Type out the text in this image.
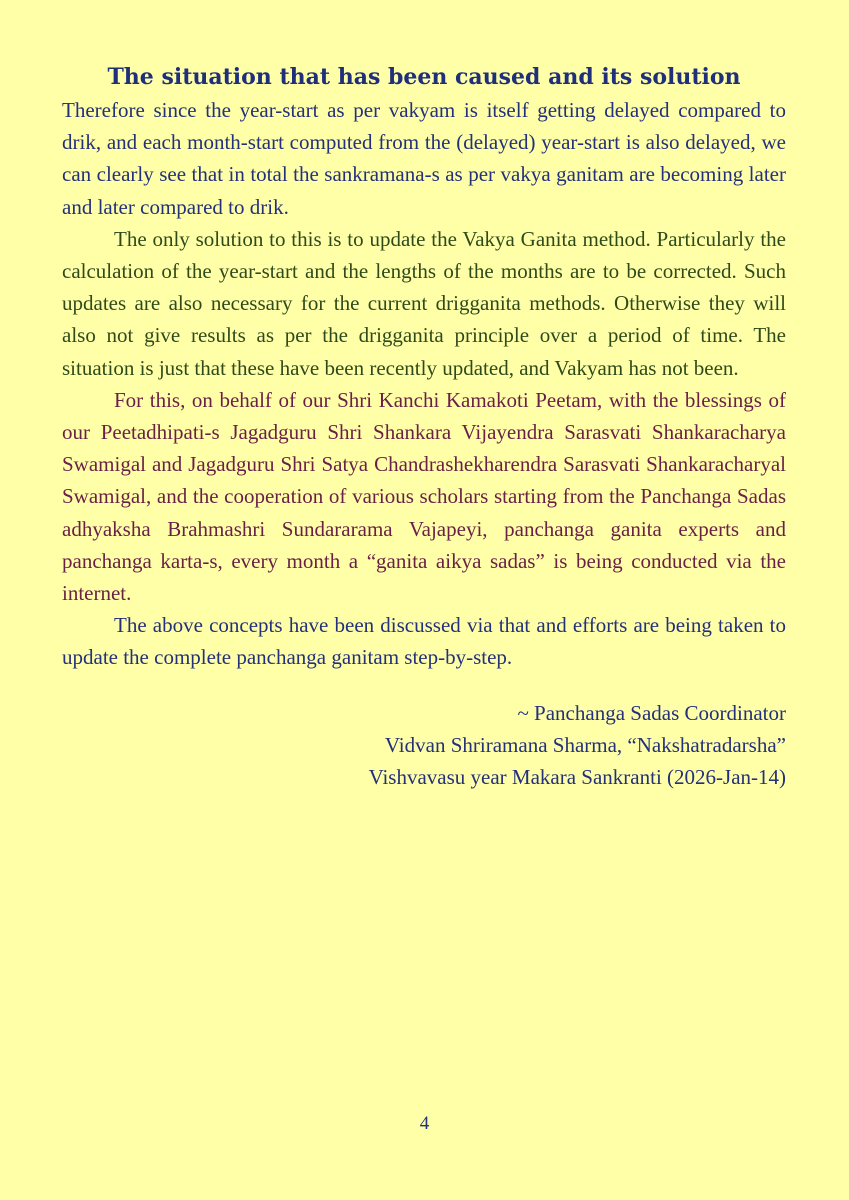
The situation that has been caused and its solution

Therefore since the year-start as per vakyam is itself getting delayed compared to drik, and each month-start computed from the (delayed) year-start is also delayed, we can clearly see that in total the sankramana-s as per vakya ganitam are becoming later and later compared to drik.

The only solution to this is to update the Vakya Ganita method. Particularly the calculation of the year-start and the lengths of the months are to be corrected. Such updates are also necessary for the current drigganita methods. Otherwise they will also not give results as per the drigganita principle over a period of time. The situation is just that these have been recently updated, and Vakyam has not been.

For this, on behalf of our Shri Kanchi Kamakoti Peetam, with the blessings of our Peetadhipati-s Jagadguru Shri Shankara Vijayendra Sarasvati Shankaracharya Swamigal and Jagadguru Shri Satya Chandrashekharendra Sarasvati Shankaracharyal Swamigal, and the cooperation of various scholars starting from the Panchanga Sadas adhyaksha Brahmashri Sundararama Vajapeyi, panchanga ganita experts and panchanga karta-s, every month a “ganita aikya sadas” is being conducted via the internet.

The above concepts have been discussed via that and efforts are being taken to update the complete panchanga ganitam step-by-step.

~ Panchanga Sadas Coordinator
Vidvan Shriramana Sharma, “Nakshatradarsha”
Vishvavasu year Makara Sankranti (2026-Jan-14)
4
